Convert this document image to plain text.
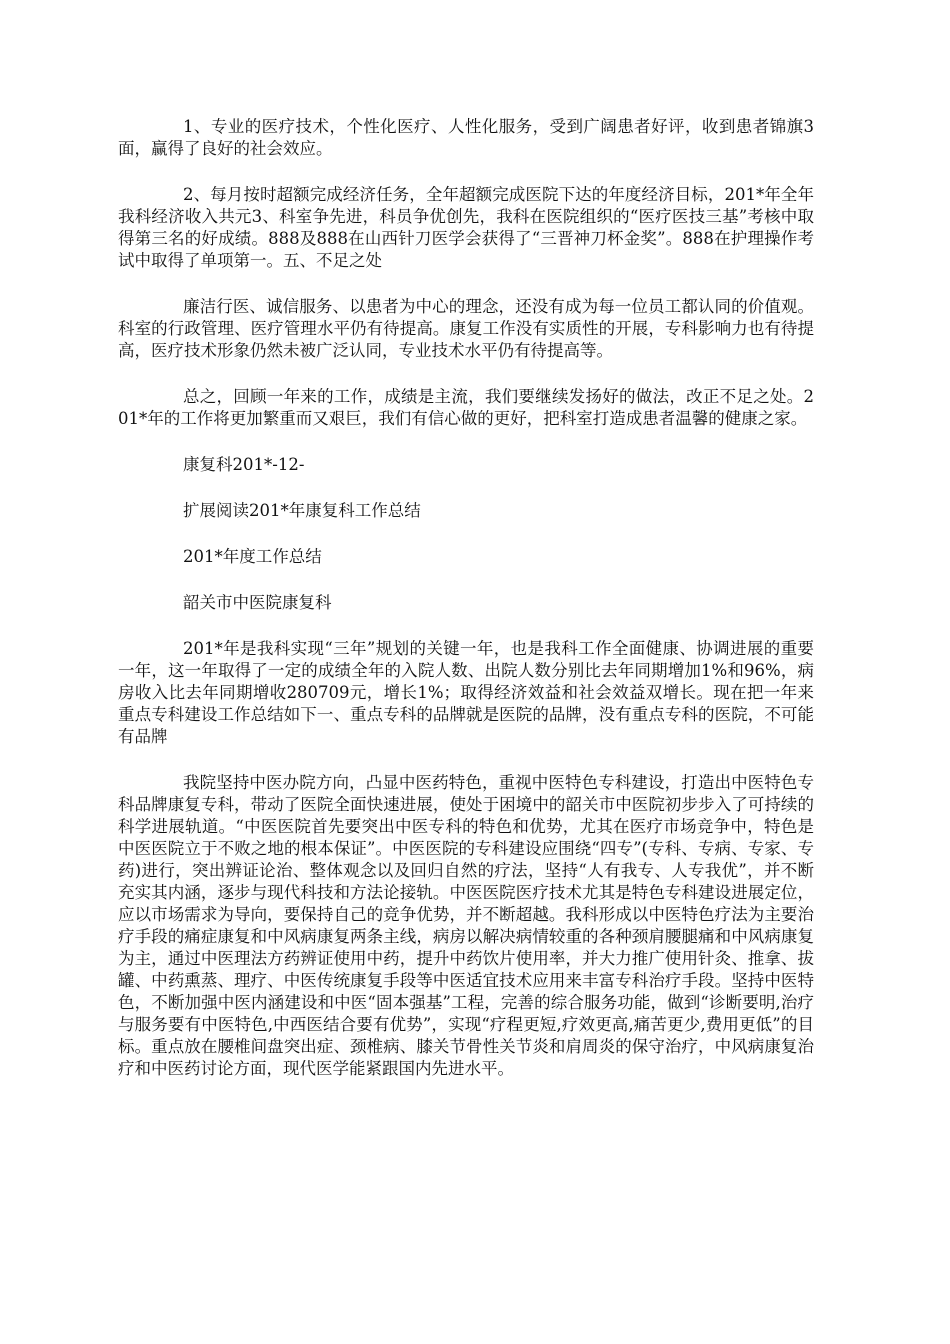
1、专业的医疗技术，个性化医疗、人性化服务，受到广阔患者好评，收到患者锦旗3面，赢得了良好的社会效应。

2、每月按时超额完成经济任务，全年超额完成医院下达的年度经济目标，201*年全年我科经济收入共元3、科室争先进，科员争优创先，我科在医院组织的“医疗医技三基”考核中取得第三名的好成绩。888及888在山西针刀医学会获得了“三晋神刀杯金奖”。888在护理操作考试中取得了单项第一。五、不足之处

廉洁行医、诚信服务、以患者为中心的理念，还没有成为每一位员工都认同的价值观。科室的行政管理、医疗管理水平仍有待提高。康复工作没有实质性的开展，专科影响力也有待提高，医疗技术形象仍然未被广泛认同，专业技术水平仍有待提高等。

总之，回顾一年来的工作，成绩是主流，我们要继续发扬好的做法，改正不足之处。201*年的工作将更加繁重而又艰巨，我们有信心做的更好，把科室打造成患者温馨的健康之家。

康复科201*-12-

扩展阅读201*年康复科工作总结

201*年度工作总结

韶关市中医院康复科

201*年是我科实现“三年”规划的关键一年，也是我科工作全面健康、协调进展的重要一年，这一年取得了一定的成绩全年的入院人数、出院人数分别比去年同期增加1%和96%，病房收入比去年同期增收280709元，增长1%；取得经济效益和社会效益双增长。现在把一年来重点专科建设工作总结如下一、重点专科的品牌就是医院的品牌，没有重点专科的医院，不可能有品牌

我院坚持中医办院方向，凸显中医药特色，重视中医特色专科建设，打造出中医特色专科品牌康复专科，带动了医院全面快速进展，使处于困境中的韶关市中医院初步步入了可持续的科学进展轨道。“中医医院首先要突出中医专科的特色和优势，尤其在医疗市场竞争中，特色是中医医院立于不败之地的根本保证”。中医医院的专科建设应围绕“四专”(专科、专病、专家、专药)进行，突出辨证论治、整体观念以及回归自然的疗法，坚持“人有我专、人专我优”，并不断充实其内涵，逐步与现代科技和方法论接轨。中医医院医疗技术尤其是特色专科建设进展定位，应以市场需求为导向，要保持自己的竞争优势，并不断超越。我科形成以中医特色疗法为主要治疗手段的痛症康复和中风病康复两条主线，病房以解决病情较重的各种颈肩腰腿痛和中风病康复为主，通过中医理法方药辨证使用中药，提升中药饮片使用率，并大力推广使用针灸、推拿、拔罐、中药熏蒸、理疗、中医传统康复手段等中医适宜技术应用来丰富专科治疗手段。坚持中医特色，不断加强中医内涵建设和中医“固本强基”工程，完善的综合服务功能，做到“诊断要明,治疗与服务要有中医特色,中西医结合要有优势”，实现“疗程更短,疗效更高,痛苦更少,费用更低”的目标。重点放在腰椎间盘突出症、颈椎病、膝关节骨性关节炎和肩周炎的保守治疗，中风病康复治疗和中医药讨论方面，现代医学能紧跟国内先进水平。
